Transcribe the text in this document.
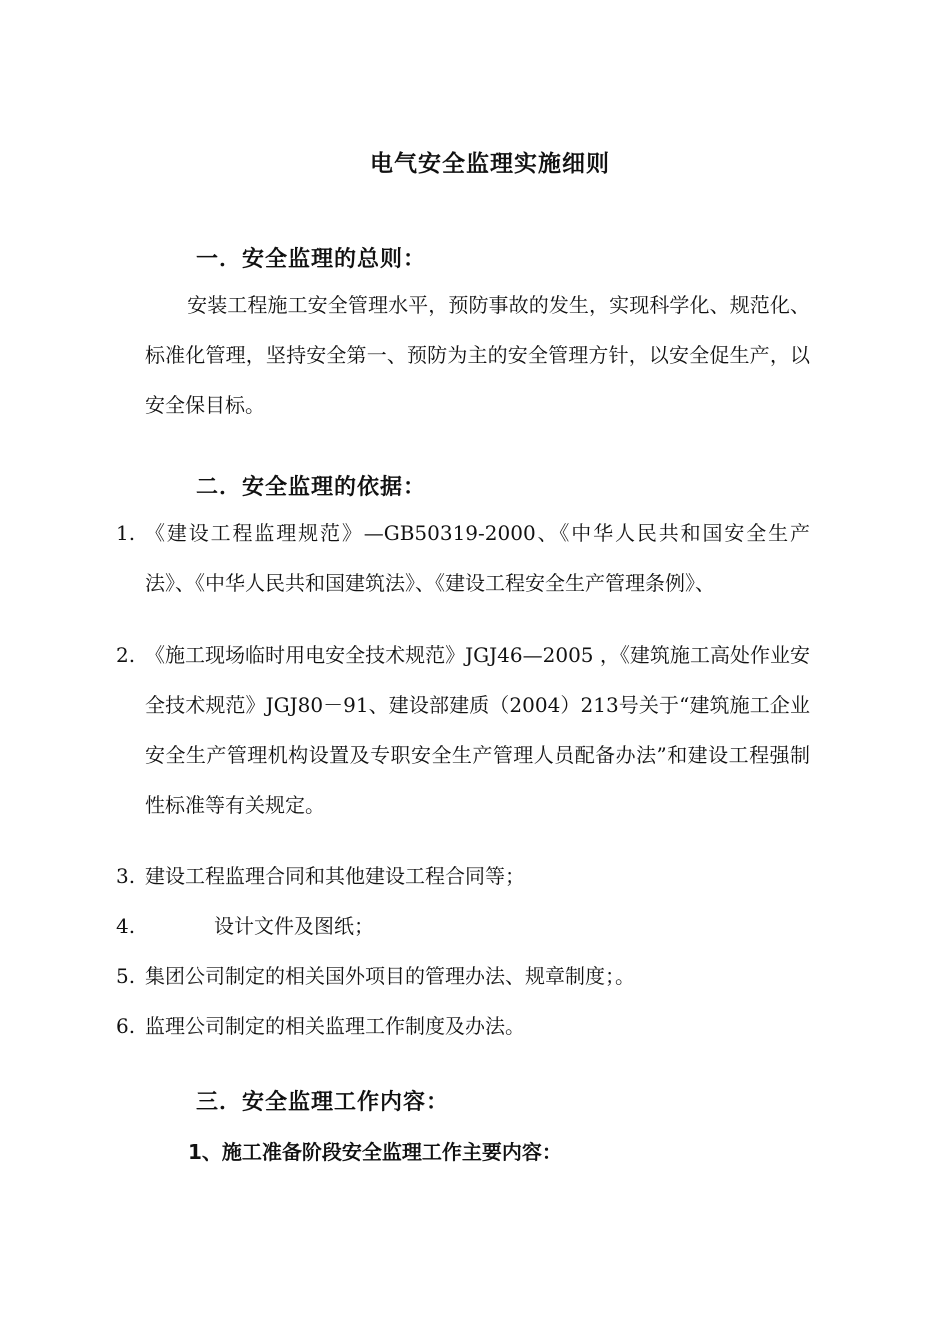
电气安全监理实施细则
一．安全监理的总则：
安装工程施工安全管理水平，预防事故的发生，实现科学化、规范化、标准化管理，坚持安全第一、预防为主的安全管理方针，以安全促生产，以安全保目标。
二．安全监理的依据：
1. 《建设工程监理规范》—GB50319-2000、《中华人民共和国安全生产法》、《中华人民共和国建筑法》、《建设工程安全生产管理条例》、
2. 《施工现场临时用电安全技术规范》JGJ46—2005 ，《建筑施工高处作业安全技术规范》JGJ80－91、建设部建质（2004）213号关于“建筑施工企业安全生产管理机构设置及专职安全生产管理人员配备办法”和建设工程强制性标准等有关规定。
3. 建设工程监理合同和其他建设工程合同等；
4.	设计文件及图纸；
5. 集团公司制定的相关国外项目的管理办法、规章制度；。
6. 监理公司制定的相关监理工作制度及办法。
三．安全监理工作内容：
1、施工准备阶段安全监理工作主要内容：
